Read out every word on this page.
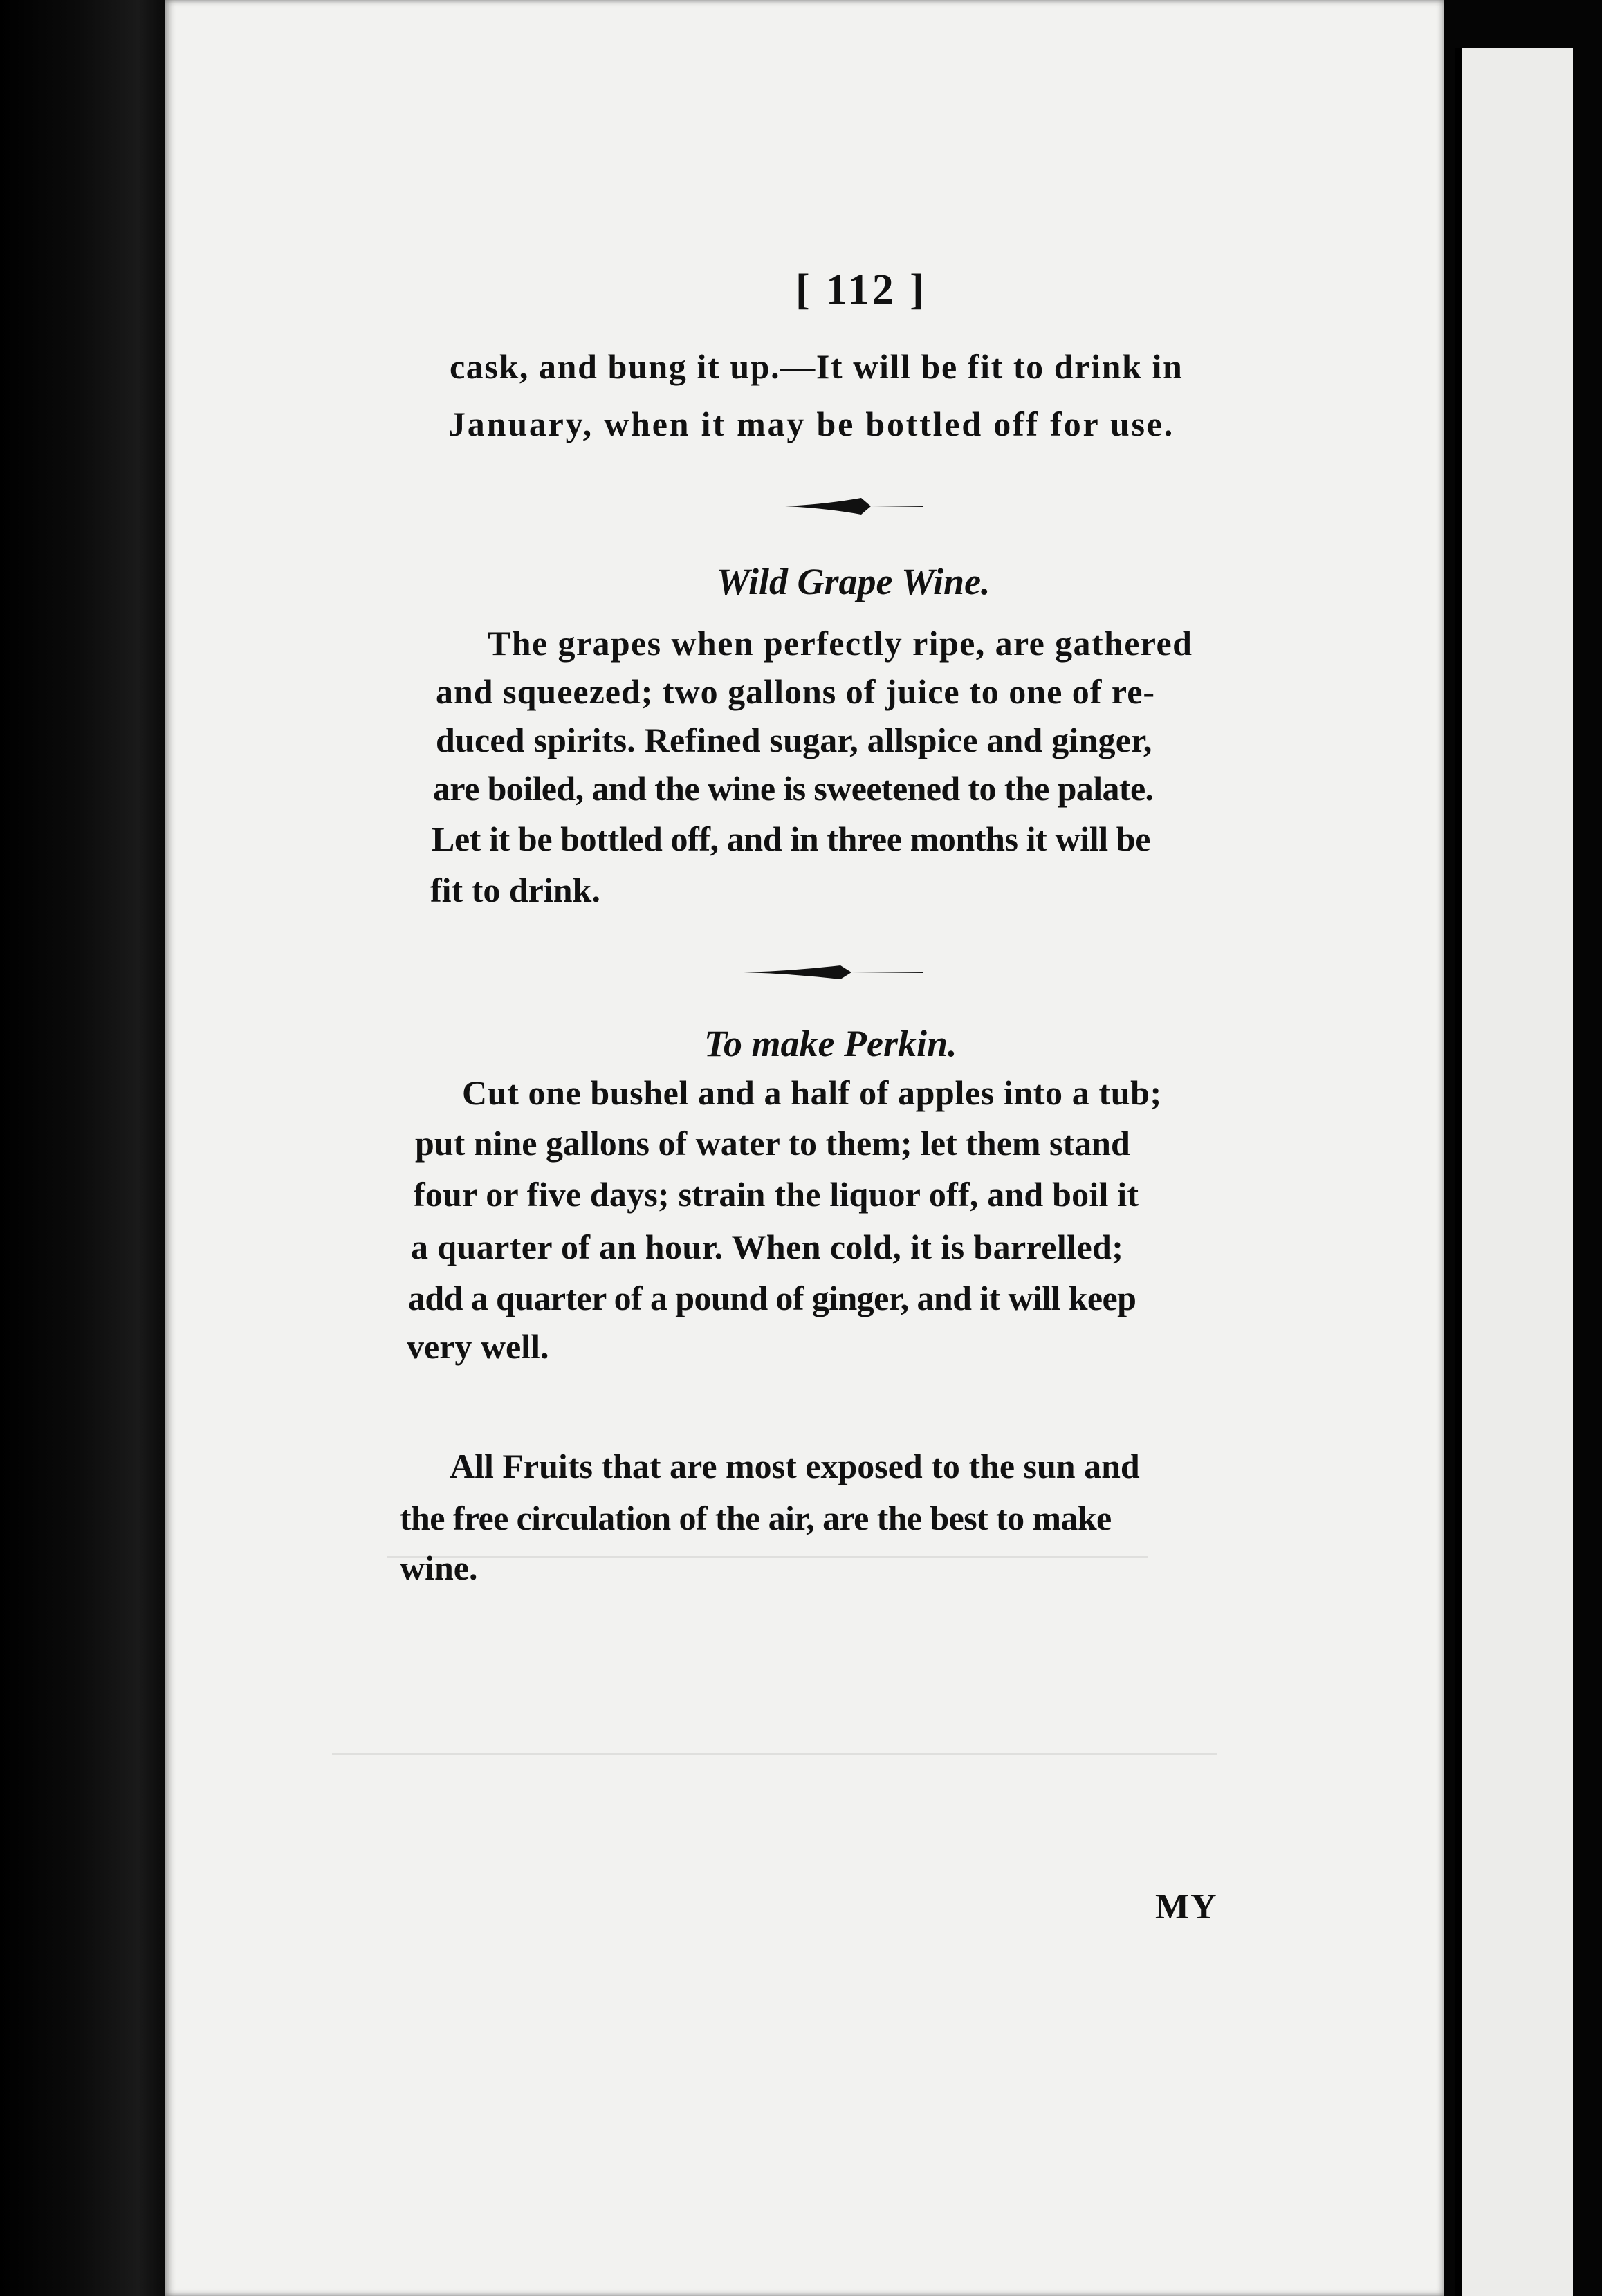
[ 112 ]
cask, and bung it up.—It will be fit to drink in
January, when it may be bottled off for use.
Wild Grape Wine.
The grapes when perfectly ripe, are gathered
and squeezed; two gallons of juice to one of re-
duced spirits. Refined sugar, allspice and ginger,
are boiled, and the wine is sweetened to the palate.
Let it be bottled off, and in three months it will be
fit to drink.
To make Perkin.
Cut one bushel and a half of apples into a tub;
put nine gallons of water to them; let them stand
four or five days; strain the liquor off, and boil it
a quarter of an hour. When cold, it is barrelled;
add a quarter of a pound of ginger, and it will keep
very well.
All Fruits that are most exposed to the sun and
the free circulation of the air, are the best to make
wine.
MY
